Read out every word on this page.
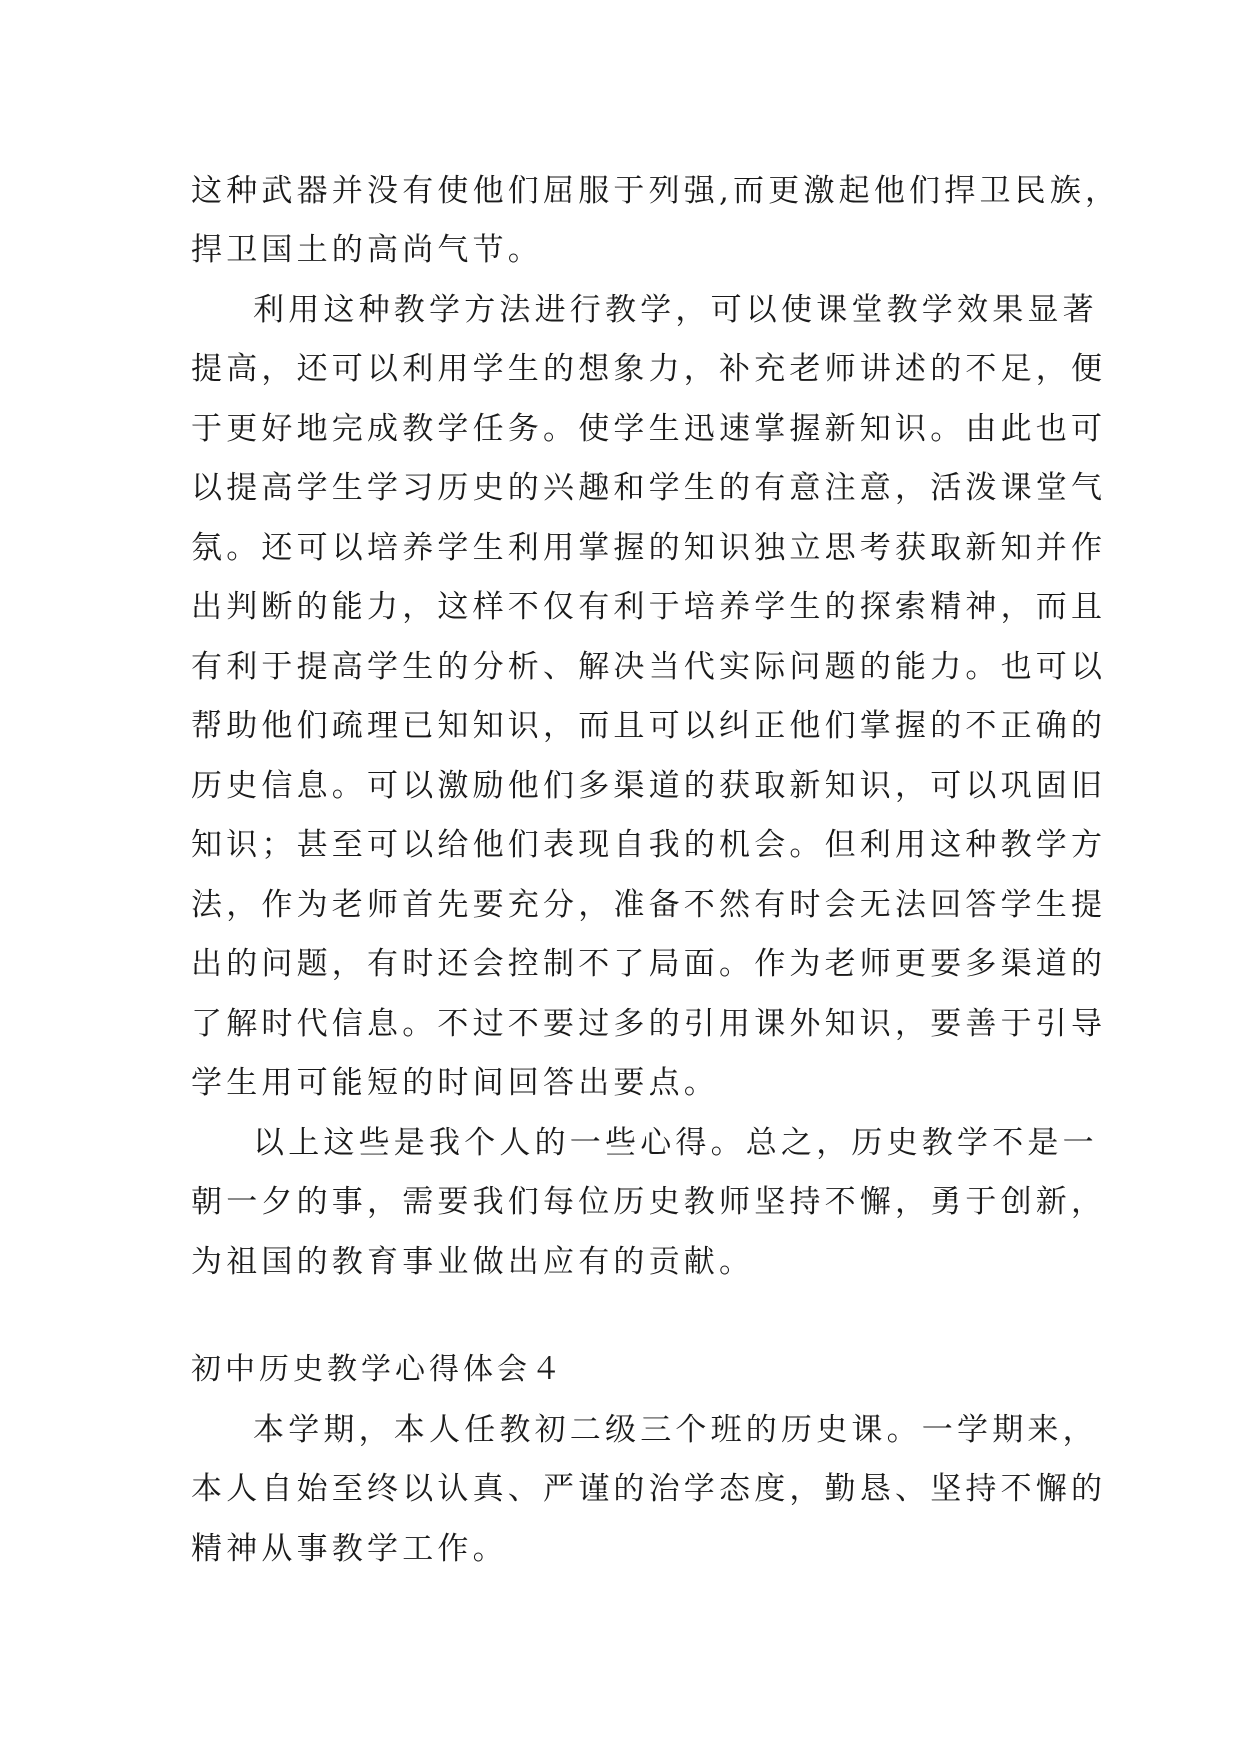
这种武器并没有使他们屈服于列强,而更激起他们捍卫民族，
捍卫国土的高尚气节。
利用这种教学方法进行教学，可以使课堂教学效果显著
提高，还可以利用学生的想象力，补充老师讲述的不足，便
于更好地完成教学任务。使学生迅速掌握新知识。由此也可
以提高学生学习历史的兴趣和学生的有意注意，活泼课堂气
氛。还可以培养学生利用掌握的知识独立思考获取新知并作
出判断的能力，这样不仅有利于培养学生的探索精神，而且
有利于提高学生的分析、解决当代实际问题的能力。也可以
帮助他们疏理已知知识，而且可以纠正他们掌握的不正确的
历史信息。可以激励他们多渠道的获取新知识，可以巩固旧
知识；甚至可以给他们表现自我的机会。但利用这种教学方
法，作为老师首先要充分，准备不然有时会无法回答学生提
出的问题，有时还会控制不了局面。作为老师更要多渠道的
了解时代信息。不过不要过多的引用课外知识，要善于引导
学生用可能短的时间回答出要点。
以上这些是我个人的一些心得。总之，历史教学不是一
朝一夕的事，需要我们每位历史教师坚持不懈，勇于创新，
为祖国的教育事业做出应有的贡献。
初中历史教学心得体会４
本学期，本人任教初二级三个班的历史课。一学期来，
本人自始至终以认真、严谨的治学态度，勤恳、坚持不懈的
精神从事教学工作。
